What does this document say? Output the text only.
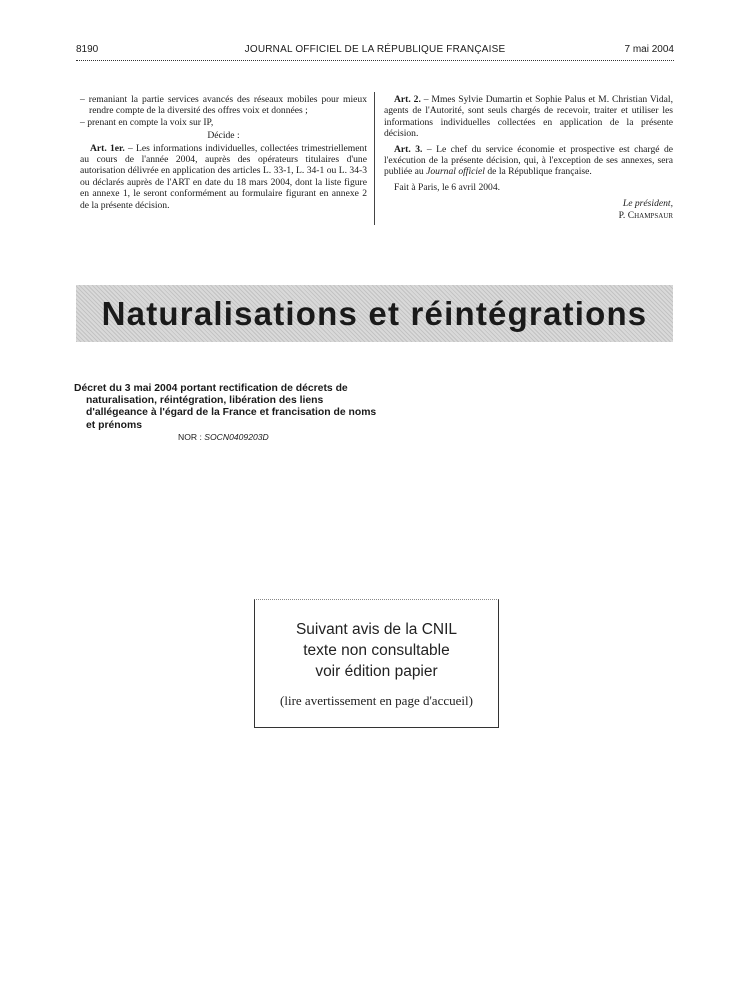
8190	JOURNAL OFFICIEL DE LA RÉPUBLIQUE FRANÇAISE	7 mai 2004

– remaniant la partie services avancés des réseaux mobiles pour mieux rendre compte de la diversité des offres voix et données ;

– prenant en compte la voix sur IP,

Décide :

Art. 1er. – Les informations individuelles, collectées trimestriellement au cours de l'année 2004, auprès des opérateurs titulaires d'une autorisation délivrée en application des articles L. 33-1, L. 34-1 ou L. 34-3 ou déclarés auprès de l'ART en date du 18 mars 2004, dont la liste figure en annexe 1, le seront conformément au formulaire figurant en annexe 2 de la présente décision.

Art. 2. – Mmes Sylvie Dumartin et Sophie Palus et M. Christian Vidal, agents de l'Autorité, sont seuls chargés de recevoir, traiter et utiliser les informations individuelles collectées en application de la présente décision.

Art. 3. – Le chef du service économie et prospective est chargé de l'exécution de la présente décision, qui, à l'exception de ses annexes, sera publiée au Journal officiel de la République française.

Fait à Paris, le 6 avril 2004.

Le président,

P. Champsaur

Naturalisations et réintégrations
Décret du 3 mai 2004 portant rectification de décrets de naturalisation, réintégration, libération des liens d'allégeance à l'égard de la France et francisation de noms et prénoms
NOR : SOCN0409203D
Suivant avis de la CNIL
texte non consultable
voir édition papier
(lire avertissement en page d'accueil)
